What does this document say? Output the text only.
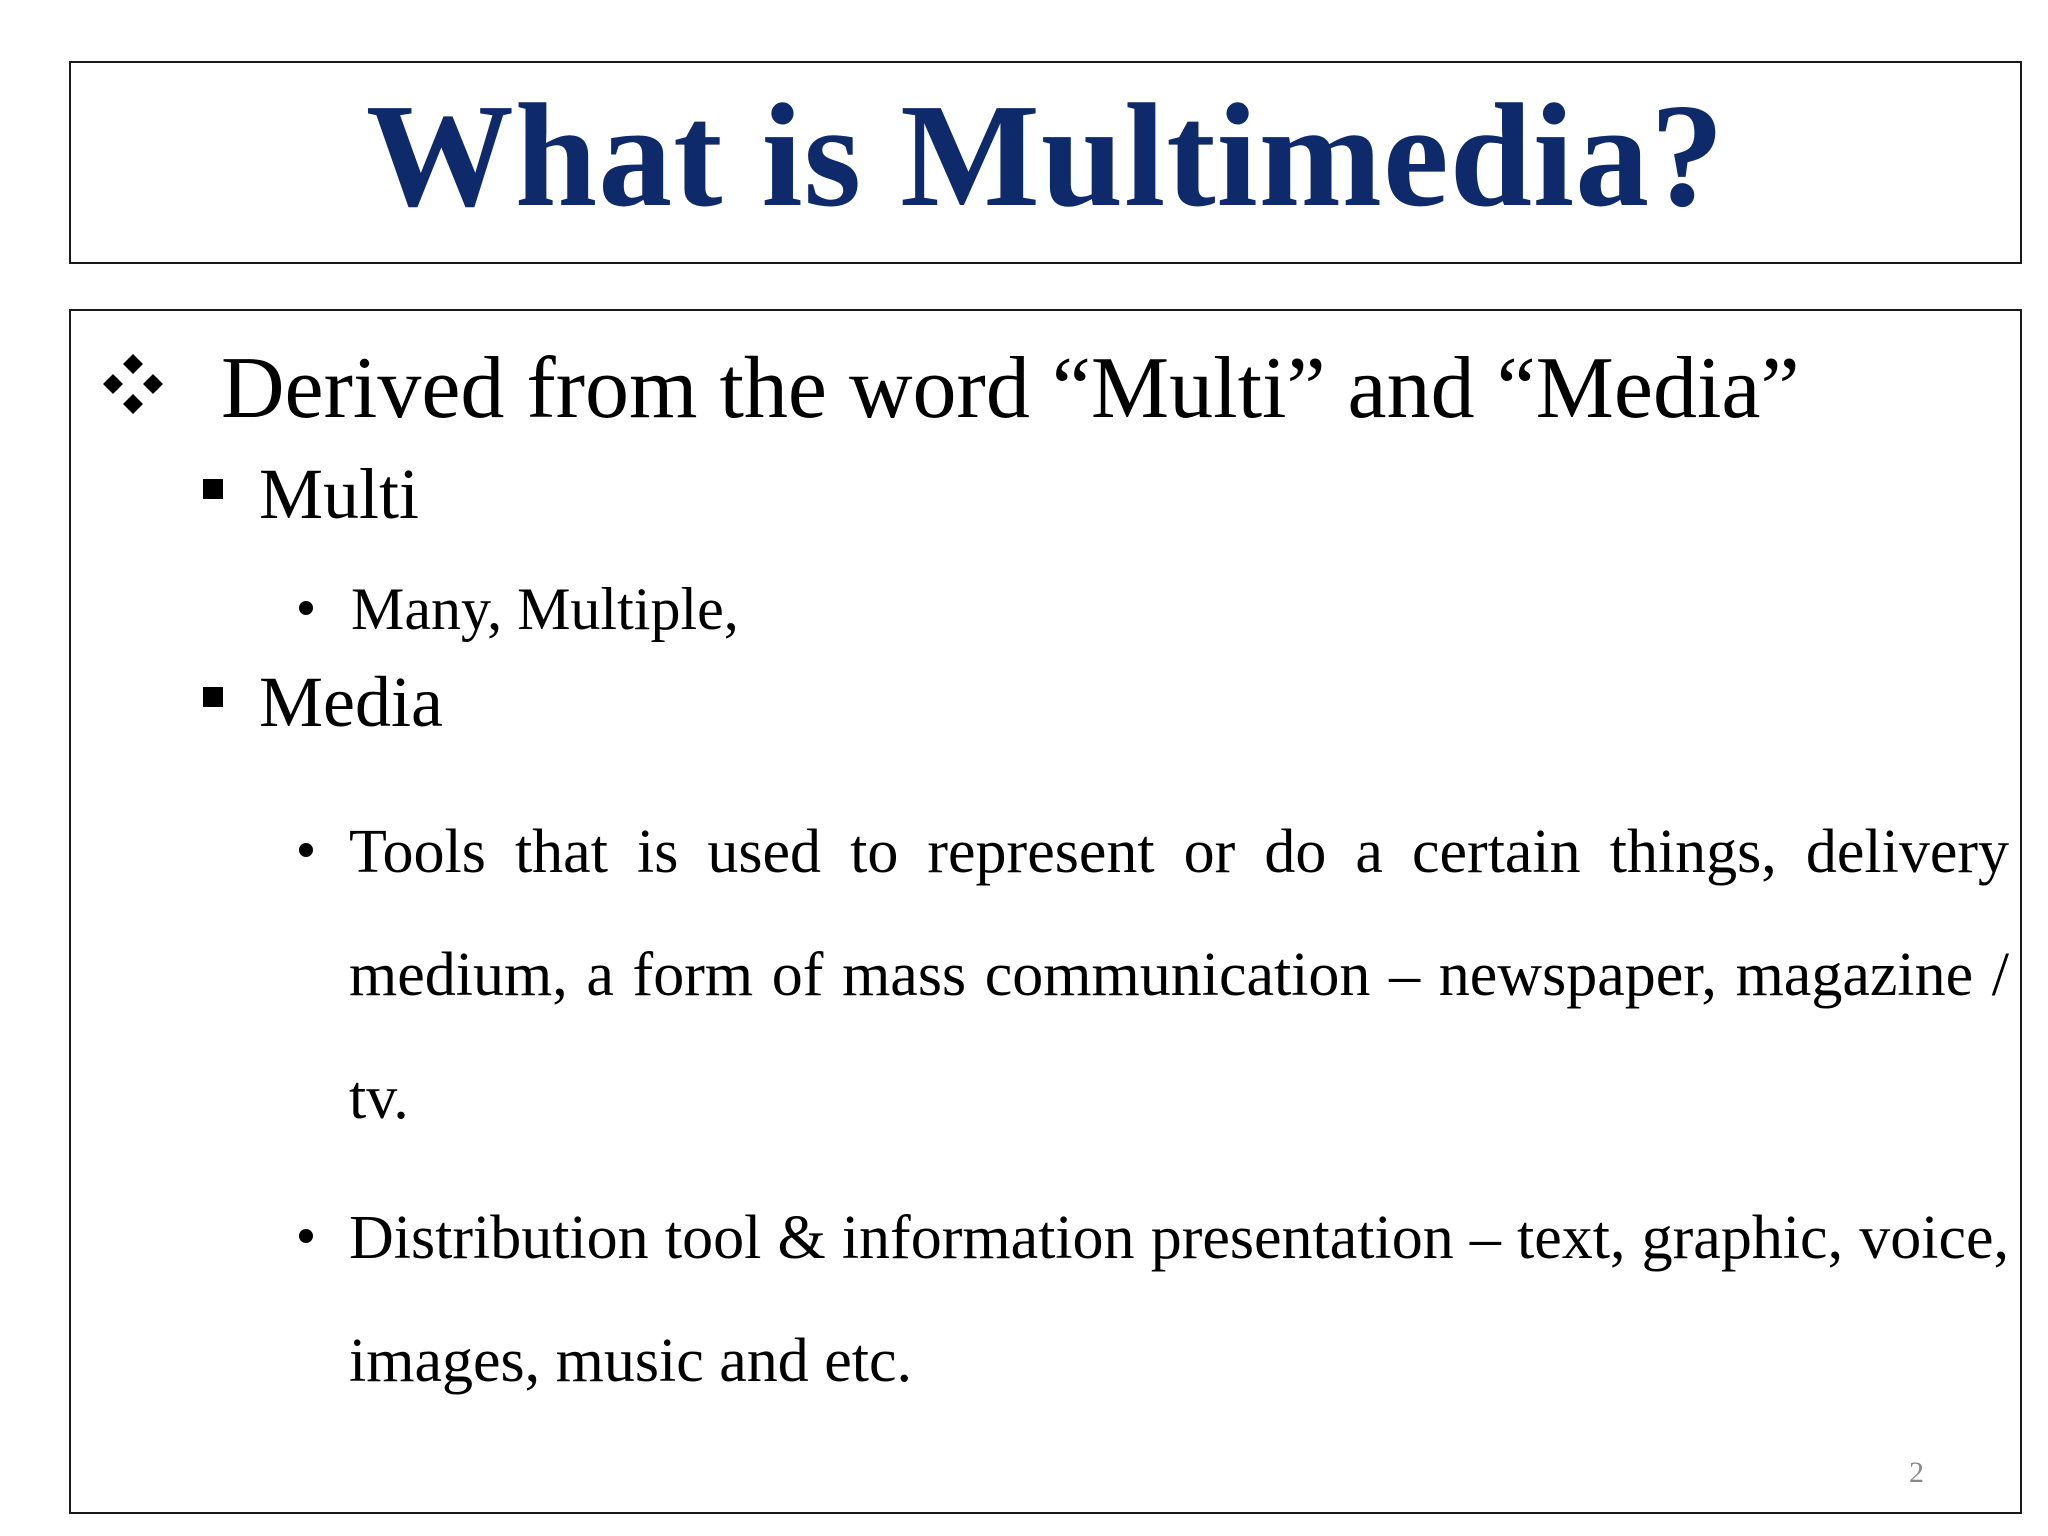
What is Multimedia?
Derived from the word “Multi” and “Media”
Multi
Many, Multiple,
Media
Tools that is used to represent or do a certain things, delivery medium, a form of mass communication – newspaper, magazine / tv.
Distribution tool & information presentation – text, graphic, voice, images, music and etc.
2
